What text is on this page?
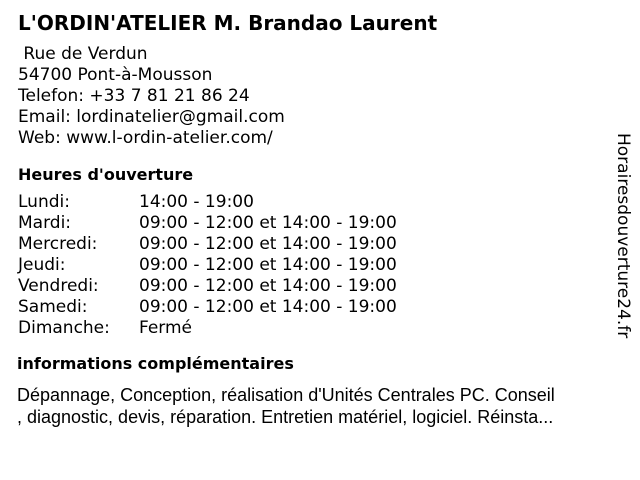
L'ORDIN'ATELIER M. Brandao Laurent
Rue de Verdun
54700 Pont-à-Mousson
Telefon: +33 7 81 21 86 24
Email: lordinatelier@gmail.com
Web: www.l-ordin-atelier.com/
Heures d'ouverture
Lundi:	14:00 - 19:00
Mardi:	09:00 - 12:00 et 14:00 - 19:00
Mercredi:	09:00 - 12:00 et 14:00 - 19:00
Jeudi:	09:00 - 12:00 et 14:00 - 19:00
Vendredi:	09:00 - 12:00 et 14:00 - 19:00
Samedi:	09:00 - 12:00 et 14:00 - 19:00
Dimanche:	Fermé
informations complémentaires
Dépannage, Conception, réalisation d'Unités Centrales PC. Conseil
, diagnostic, devis, réparation. Entretien matériel, logiciel. Réinsta...
Horairesdouverture24.fr
